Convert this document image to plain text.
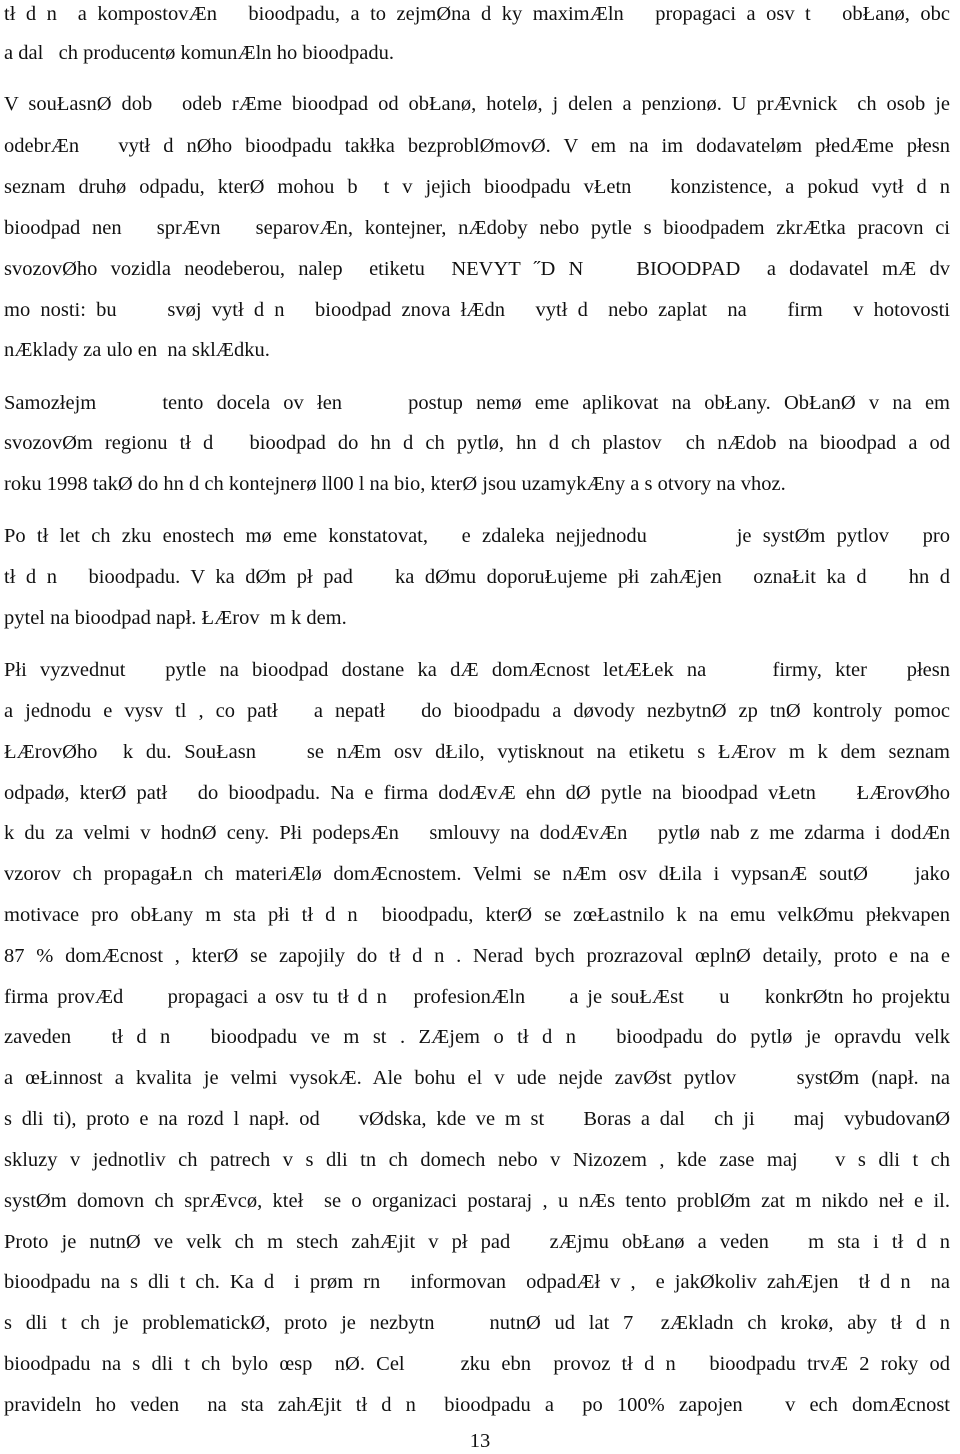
tł d n  a kompostovÆn   bioodpadu, a to zejmØna d ky maximÆln   propagaci a osv t   obŁanø, obc
a dal   ch producentø komunÆln ho bioodpadu.
V souŁasnØ dob   odeb rÆme bioodpad od obŁanø, hotelø, j delen a penzionø. U prÆvnick  ch osob je
odebrÆn   vytł d nØho bioodpadu takłka bezproblØmovØ. V em na im dodavateløm płedÆme płesn
seznam druhø odpadu, kterØ mohou b  t v jejich bioodpadu vŁetn   konzistence, a pokud vytł d n
bioodpad nen   sprÆvn   separovÆn, kontejner, nÆdoby nebo pytle s bioodpadem zkrÆtka pracovn ci
svozovØho vozidla neodeberou, nalep  etiketu  NEVYT ˝D N    BIOODPAD  a dodavatel mÆ dv
mo nosti: bu     svøj vytł d n   bioodpad znova łÆdn   vytł d  nebo zaplat  na    firm   v hotovosti
nÆklady za ulo en  na sklÆdku.
Samozłejm     tento docela ov łen     postup nemø eme aplikovat na obŁany. ObŁanØ v na em
svozovØm regionu tł d   bioodpad do hn d ch pytlø, hn d ch plastov  ch nÆdob na bioodpad a od
roku 1998 takØ do hn d ch kontejnerø ll00 l na bio, kterØ jsou uzamykÆny a s otvory na vhoz.
Po tł let ch zku enostech mø eme konstatovat,   e zdaleka nejjednodu        je systØm pytlov   pro
tł d n   bioodpadu. V ka dØm pł pad    ka dØmu doporuŁujeme płi zahÆjen   oznaŁit ka d    hn d
pytel na bioodpad napł. ŁÆrov  m k dem.
Płi vyzvednut   pytle na bioodpad dostane ka dÆ domÆcnost letÆŁek na     firmy, kter   płesn
a jednodu e vysv tl , co patł   a nepatł   do bioodpadu a døvody nezbytnØ zp tnØ kontroly pomoc
ŁÆrovØho  k du. SouŁasn    se nÆm osv dŁilo, vytisknout na etiketu s ŁÆrov m k dem seznam
odpadø, kterØ patł   do bioodpadu. Na e firma dodÆvÆ ehn dØ pytle na bioodpad vŁetn    ŁÆrovØho
k du za velmi v hodnØ ceny. Płi podepsÆn   smlouvy na dodÆvÆn   pytlø nab z me zdarma i dodÆn
vzorov ch propagaŁn ch materiÆlø domÆcnostem. Velmi se nÆm osv dŁila i vypsanÆ soutØ    jako
motivace pro obŁany m sta płi tł d n  bioodpadu, kterØ se zœŁastnilo k na emu velkØmu płekvapen
87 % domÆcnost , kterØ se zapojily do tł d n . Nerad bych prozrazoval œplnØ detaily, proto e na e
firma provÆd     propagaci a osv tu tł d n   profesionÆln     a je souŁÆst    u    konkrØtn ho projektu
zaveden   tł d n   bioodpadu ve m st . ZÆjem o tł d n   bioodpadu do pytlø je opravdu velk
a œŁinnost a kvalita je velmi vysokÆ. Ale bohu el v ude nejde zavØst pytlov     systØm (napł. na
s dli ti), proto e na rozd l napł. od    vØdska, kde ve m st    Boras a dal   ch ji    maj  vybudovanØ
skluzy v jednotliv ch patrech v s dli tn ch domech nebo v Nizozem , kde zase maj   v s dli t ch
systØm domovn ch sprÆvcø, kteł  se o organizaci postaraj , u nÆs tento problØm zat m nikdo neł e il.
Proto je nutnØ ve velk ch m stech zahÆjit v pł pad   zÆjmu obŁanø a veden   m sta i tł d n
bioodpadu na s dli t ch. Ka d  i prøm rn   informovan  odpadÆł v ,  e jakØkoliv zahÆjen  tł d n  na
s dli t ch je problematickØ, proto je nezbytn    nutnØ ud lat 7  zÆkladn ch krokø, aby tł d n
bioodpadu na s dli t ch bylo œsp  nØ. Cel     zku ebn  provoz tł d n   bioodpadu trvÆ 2 roky od
pravideln ho veden  na sta zahÆjit tł d n  bioodpadu a  po 100% zapojen   v ech domÆcnost
13
